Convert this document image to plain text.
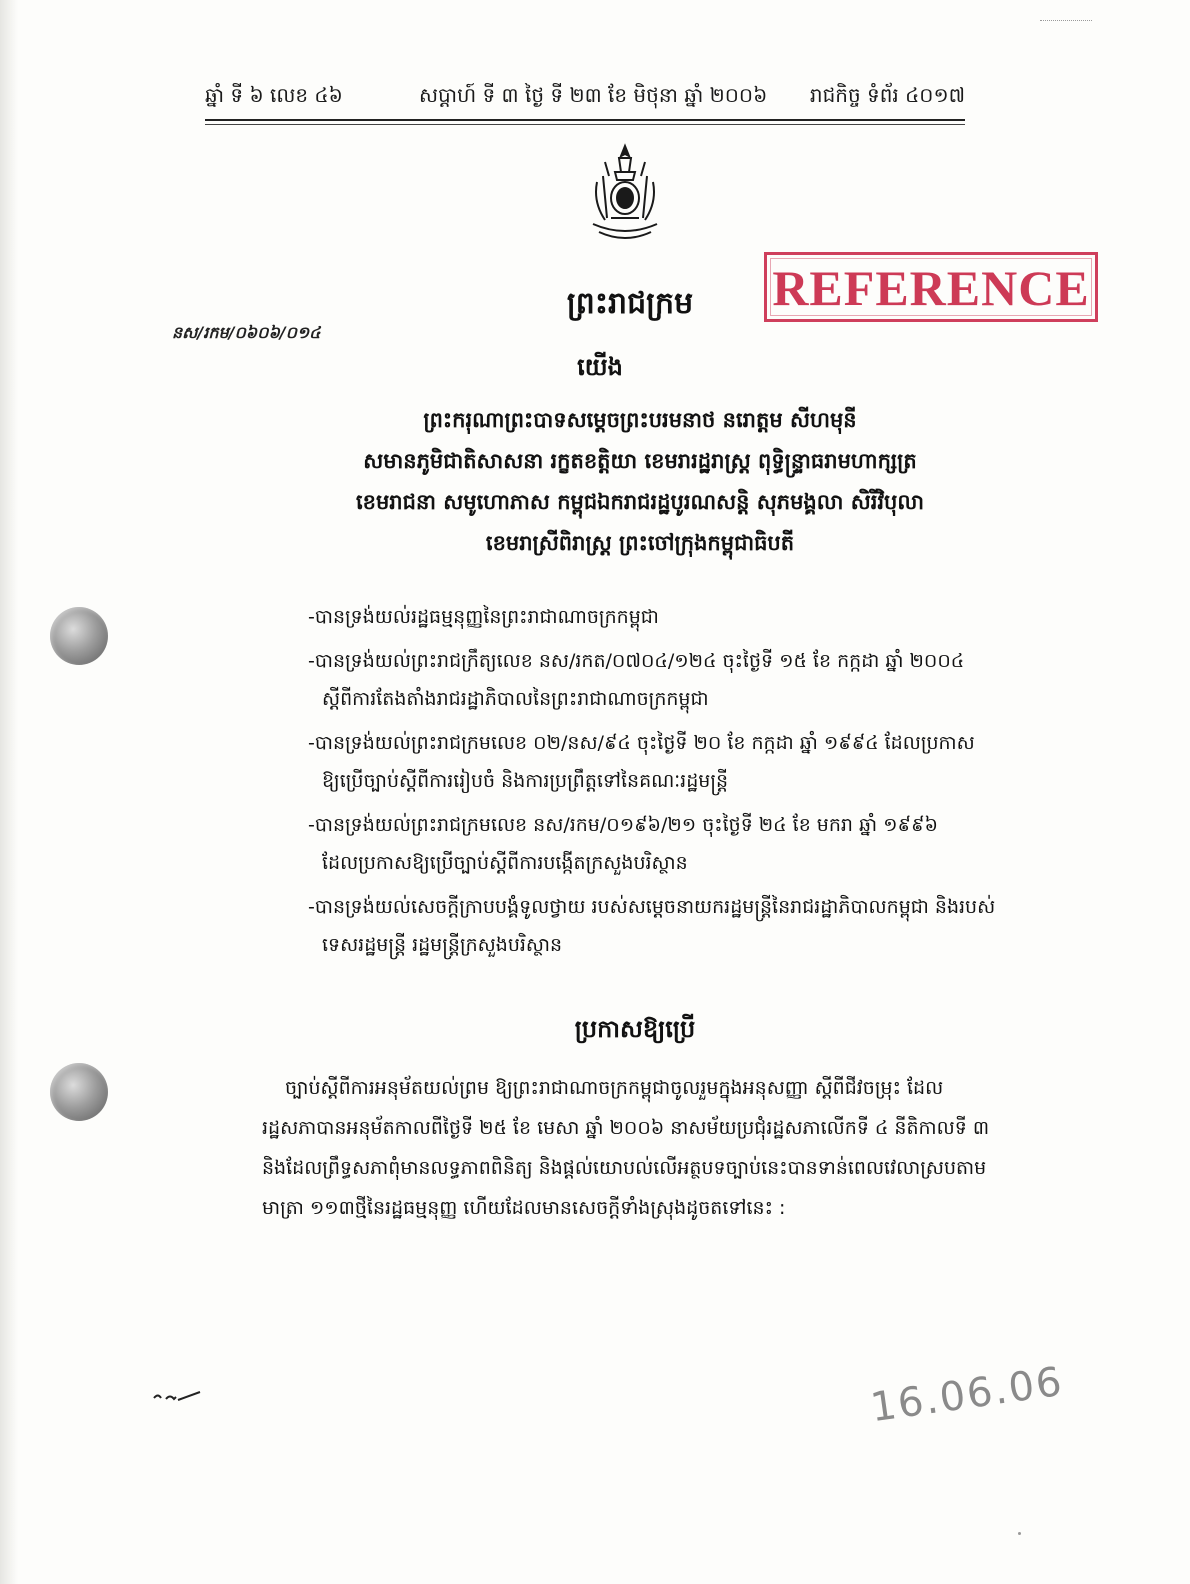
ឆ្នាំ ទី ៦ លេខ ៤៦	សប្តាហ៍ ទី ៣ ថ្ងៃ ទី ២៣ ខែ មិថុនា ឆ្នាំ ២០០៦ រាជកិច្ច ទំព័រ ៤០១៧
នស/រកម/០៦០៦/០១៤
REFERENCE
ព្រះរាជក្រម
យើង
ព្រះករុណាព្រះបាទសម្តេចព្រះបរមនាថ នរោត្តម សីហមុនី
សមានភូមិជាតិសាសនា រក្ខតខត្តិយា ខេមរារដ្ឋរាស្ត្រ ពុទ្ធិន្ទ្រាធរាមហាក្សត្រ
ខេមរាជនា សមូហោភាស កម្ពុជឯករាជរដ្ឋបូរណសន្តិ សុភមង្គលា សិរីវិបុលា
ខេមរាស្រីពិរាស្ត្រ ព្រះចៅក្រុងកម្ពុជាធិបតី
-បានទ្រង់យល់រដ្ឋធម្មនុញ្ញនៃព្រះរាជាណាចក្រកម្ពុជា
-បានទ្រង់យល់ព្រះរាជក្រឹត្យលេខ នស/រកត/០៧០៤/១២៤ ចុះថ្ងៃទី ១៥ ខែ កក្កដា ឆ្នាំ ២០០៤
ស្តីពីការតែងតាំងរាជរដ្ឋាភិបាលនៃព្រះរាជាណាចក្រកម្ពុជា
-បានទ្រង់យល់ព្រះរាជក្រមលេខ ០២/នស/៩៤ ចុះថ្ងៃទី ២០ ខែ កក្កដា ឆ្នាំ ១៩៩៤ ដែលប្រកាស
ឱ្យប្រើច្បាប់ស្តីពីការរៀបចំ និងការប្រព្រឹត្តទៅនៃគណៈរដ្ឋមន្ត្រី
-បានទ្រង់យល់ព្រះរាជក្រមលេខ នស/រកម/០១៩៦/២១ ចុះថ្ងៃទី ២៤ ខែ មករា ឆ្នាំ ១៩៩៦
ដែលប្រកាសឱ្យប្រើច្បាប់ស្តីពីការបង្កើតក្រសួងបរិស្ថាន
-បានទ្រង់យល់សេចក្តីក្រាបបង្គំទូលថ្វាយ របស់សម្តេចនាយករដ្ឋមន្ត្រីនៃរាជរដ្ឋាភិបាលកម្ពុជា និងរបស់
ទេសរដ្ឋមន្ត្រី រដ្ឋមន្ត្រីក្រសួងបរិស្ថាន
ប្រកាសឱ្យប្រើ
ច្បាប់ស្តីពីការអនុម័តយល់ព្រម ឱ្យព្រះរាជាណាចក្រកម្ពុជាចូលរួមក្នុងអនុសញ្ញា ស្តីពីជីវចម្រុះ ដែល
រដ្ឋសភាបានអនុម័តកាលពីថ្ងៃទី ២៥ ខែ មេសា ឆ្នាំ ២០០៦ នាសម័យប្រជុំរដ្ឋសភាលើកទី ៤ នីតិកាលទី ៣
និងដែលព្រឹទ្ធសភាពុំមានលទ្ធភាពពិនិត្យ និងផ្តល់យោបល់លើអត្ថបទច្បាប់នេះបានទាន់ពេលវេលាស្របតាម
មាត្រា ១១៣ថ្មីនៃរដ្ឋធម្មនុញ្ញ ហើយដែលមានសេចក្តីទាំងស្រុងដូចតទៅនេះ :
16.06.06
